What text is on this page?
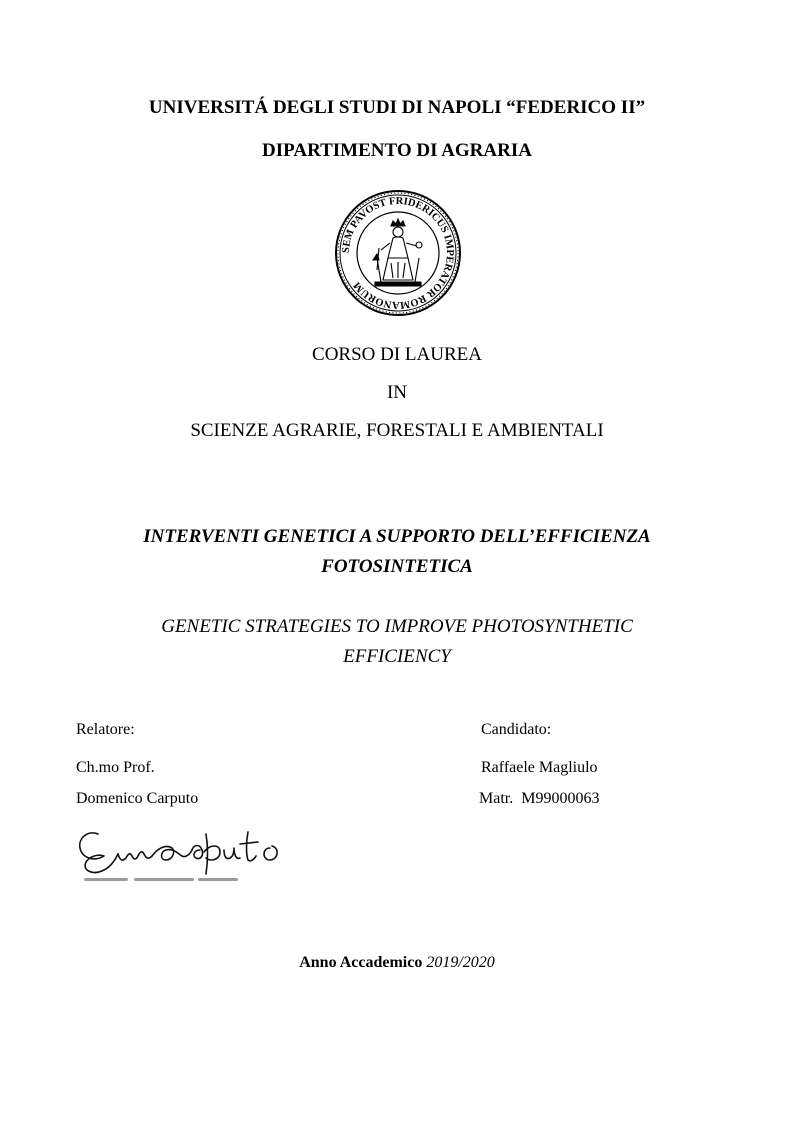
UNIVERSITÁ DEGLI STUDI DI NAPOLI “FEDERICO II”
DIPARTIMENTO DI AGRARIA
SEM PAVOST FRIDERICUS IMPERATOR ROMANORUM
CORSO DI LAUREA
IN
SCIENZE AGRARIE, FORESTALI E AMBIENTALI
INTERVENTI GENETICI A SUPPORTO DELL’EFFICIENZA
FOTOSINTETICA
GENETIC STRATEGIES TO IMPROVE PHOTOSYNTHETIC
EFFICIENCY
Relatore:
Ch.mo Prof.
Domenico Carputo
Candidato:
Raffaele Magliulo
Matr.  M99000063
Anno Accademico 2019/2020
